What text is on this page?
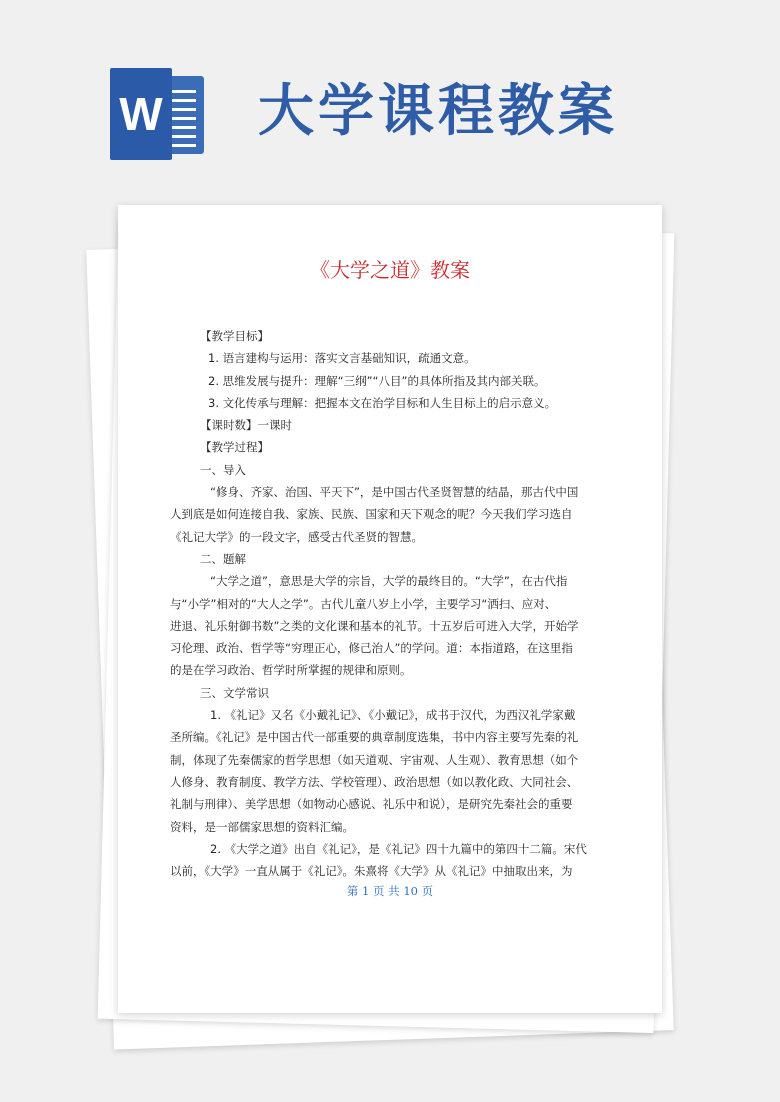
W 大学课程教案
《大学之道》教案

【教学目标】

1. 语言建构与运用：落实文言基础知识，疏通文意。

2. 思维发展与提升：理解“三纲”“八目”的具体所指及其内部关联。

3. 文化传承与理解：把握本文在治学目标和人生目标上的启示意义。

【课时数】一课时

【教学过程】

一、导入

“修身、齐家、治国、平天下”，是中国古代圣贤智慧的结晶，那古代中国

人到底是如何连接自我、家族、民族、国家和天下观念的呢？今天我们学习选自

《礼记大学》的一段文字，感受古代圣贤的智慧。

二、题解

“大学之道”，意思是大学的宗旨，大学的最终目的。“大学”，在古代指

与“小学”相对的“大人之学”。古代儿童八岁上小学，主要学习“洒扫、应对、

进退、礼乐射御书数”之类的文化课和基本的礼节。十五岁后可进入大学，开始学

习伦理、政治、哲学等“穷理正心，修己治人”的学问。道：本指道路，在这里指

的是在学习政治、哲学时所掌握的规律和原则。

三、文学常识

1. 《礼记》又名《小戴礼记》、《小戴记》，成书于汉代，为西汉礼学家戴

圣所编。《礼记》是中国古代一部重要的典章制度选集，书中内容主要写先秦的礼

制，体现了先秦儒家的哲学思想（如天道观、宇宙观、人生观）、教育思想（如个

人修身、教育制度、教学方法、学校管理）、政治思想（如以教化政、大同社会、

礼制与刑律）、美学思想（如物动心感说、礼乐中和说），是研究先秦社会的重要

资料，是一部儒家思想的资料汇编。

2. 《大学之道》出自《礼记》，是《礼记》四十九篇中的第四十二篇。宋代

以前，《大学》一直从属于《礼记》。朱熹将《大学》从《礼记》中抽取出来，为

第 1 页 共 10 页
